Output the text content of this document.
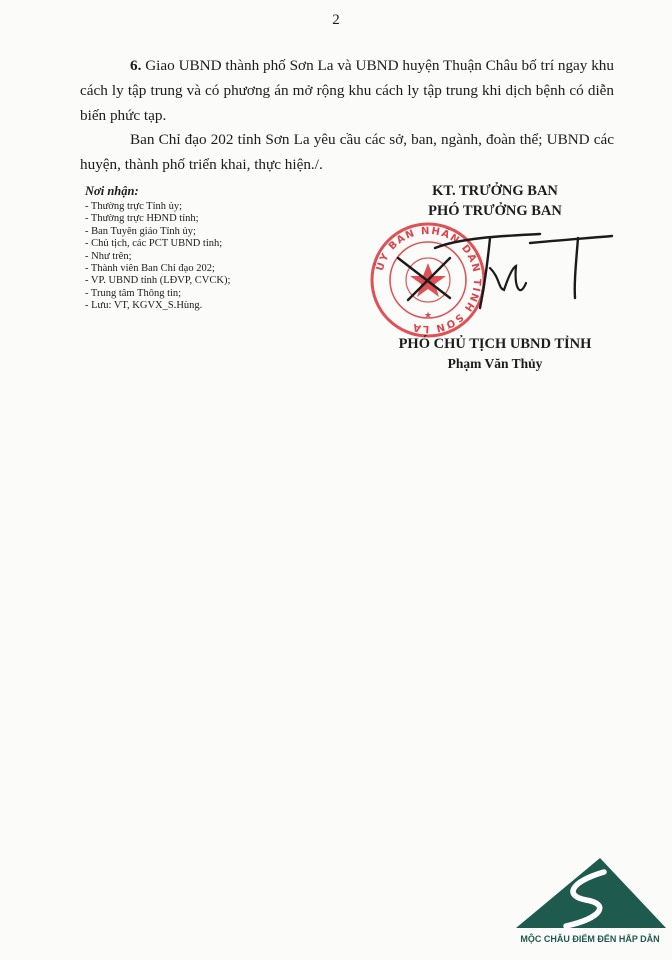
2

6. Giao UBND thành phố Sơn La và UBND huyện Thuận Châu bố trí ngay khu cách ly tập trung và có phương án mở rộng khu cách ly tập trung khi dịch bệnh có diễn biến phức tạp.

Ban Chỉ đạo 202 tỉnh Sơn La yêu cầu các sở, ban, ngành, đoàn thể; UBND các huyện, thành phố triển khai, thực hiện./.

Nơi nhận:
- Thường trực Tỉnh ủy;
- Thường trực HĐND tỉnh;
- Ban Tuyên giáo Tỉnh ủy;
- Chủ tịch, các PCT UBND tỉnh;
- Như trên;
- Thành viên Ban Chỉ đạo 202;
- VP. UBND tỉnh (LĐVP, CVCK);
- Trung tâm Thông tin;
- Lưu: VT, KGVX_S.Hùng.
KT. TRƯỞNG BAN
PHÓ TRƯỞNG BAN
ỦY BAN NHÂN DÂN TỈNH SƠN LA
★
PHÓ CHỦ TỊCH UBND TỈNH
Phạm Văn Thủy
MỘC CHÂU ĐIỂM ĐẾN HẤP DẪN
